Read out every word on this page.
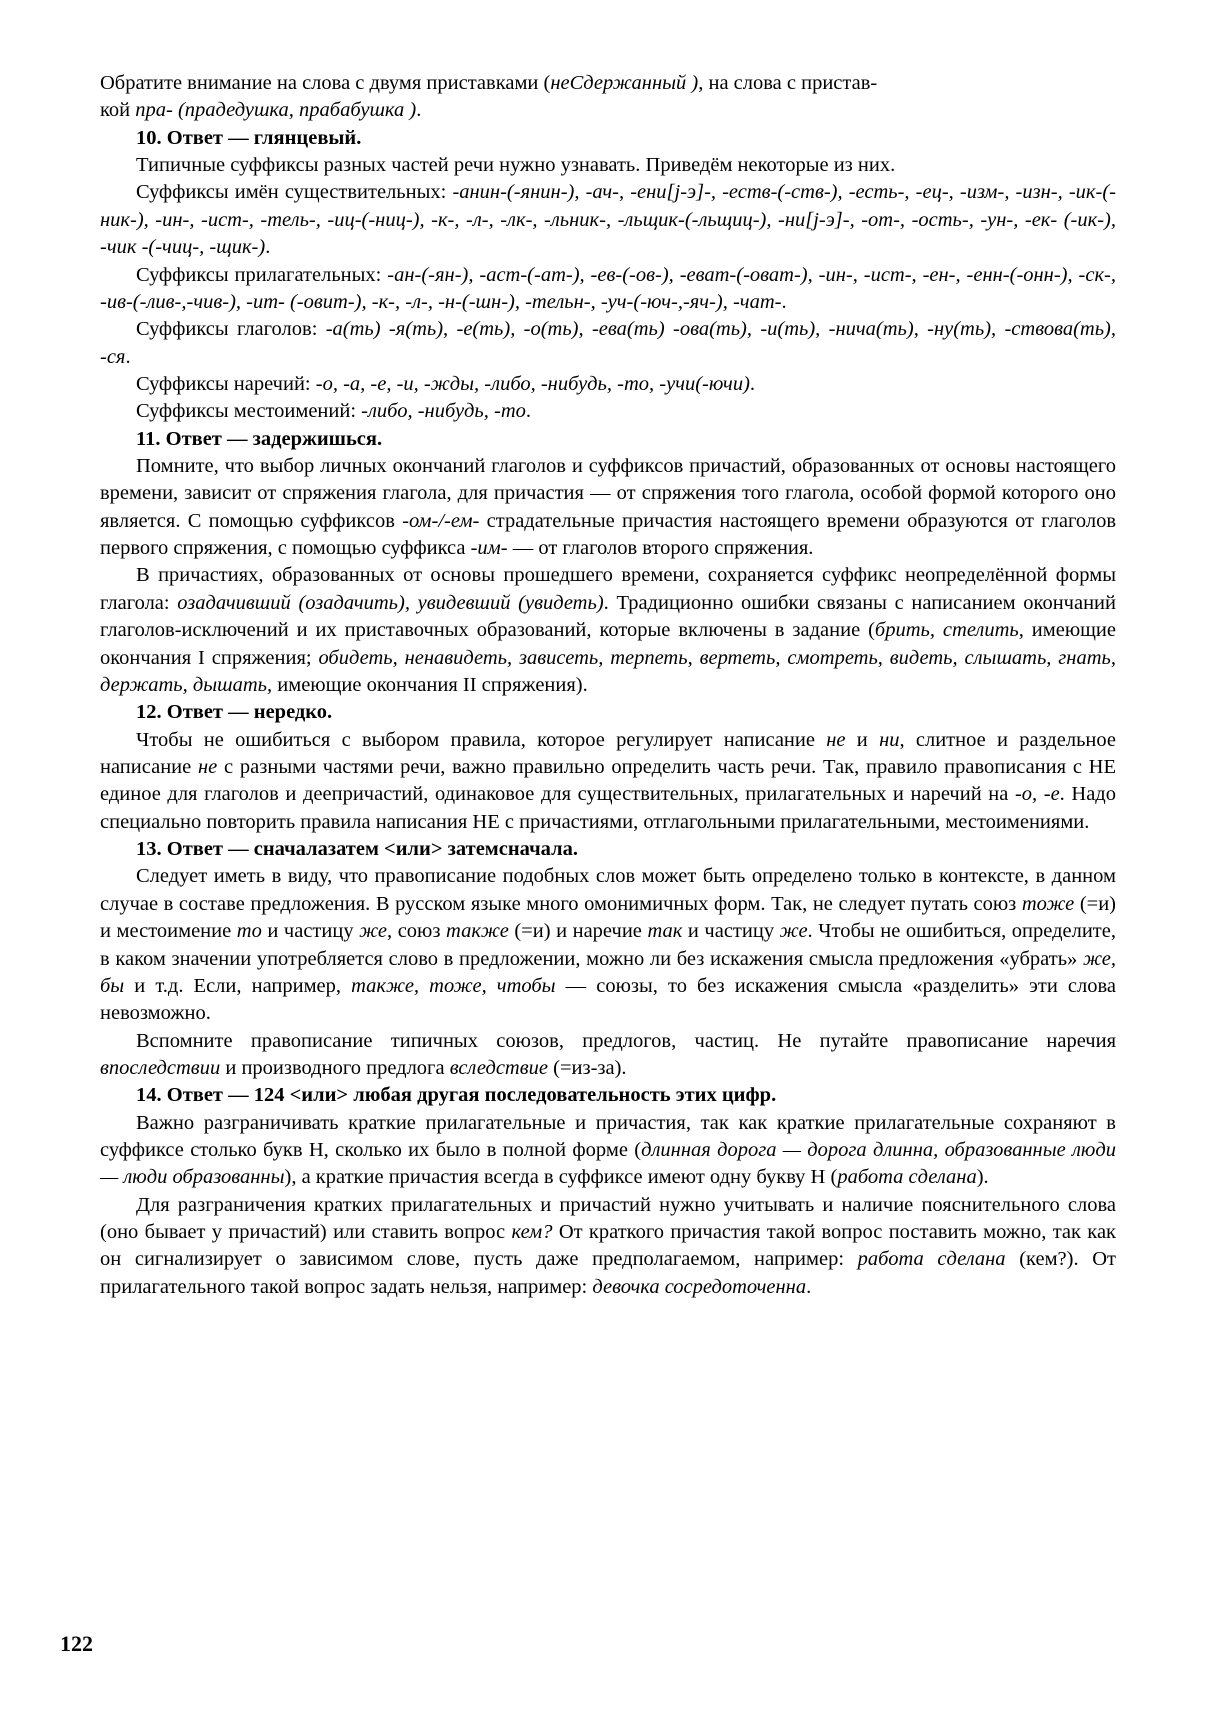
Обратите внимание на слова с двумя приставками (неСдержанный ), на слова с пристав-
кой пра- (прадедушка, прабабушка ).

10. Ответ — глянцевый.

Типичные суффиксы разных частей речи нужно узнавать. Приведём некоторые из них.

Суффиксы имён существительных: -анин-(-янин-), -ач-, -ени[j-э]-, -еств-(-ств-), -есть-, -ец-, -изм-, -изн-, -ик-(-ник-), -ин-, -ист-, -тель-, -иц-(-ниц-), -к-, -л-, -лк-, -льник-, -льщик-(-льщиц-), -ни[j-э]-, -от-, -ость-, -ун-, -ек- (-ик-), -чик -(-чиц-, -щик-).

Суффиксы прилагательных: -ан-(-ян-), -аст-(-ат-), -ев-(-ов-), -еват-(-оват-), -ин-, -ист-, -ен-, -енн-(-онн-), -ск-, -ив-(-лив-,-чив-), -ит- (-овит-), -к-, -л-, -н-(-шн-), -тельн-, -уч-(-юч-,-яч-), -чат-.

Суффиксы глаголов: -а(ть) -я(ть), -е(ть), -о(ть), -ева(ть) -ова(ть), -и(ть), -нича(ть), -ну(ть), -ствова(ть), -ся.

Суффиксы наречий: -о, -а, -е, -и, -жды, -либо, -нибудь, -то, -учи(-ючи).

Суффиксы местоимений: -либо, -нибудь, -то.

11. Ответ — задержишься.

Помните, что выбор личных окончаний глаголов и суффиксов причастий, образованных от основы настоящего времени, зависит от спряжения глагола, для причастия — от спряжения того глагола, особой формой которого оно является. С помощью суффиксов -ом-/-ем- страдательные причастия настоящего времени образуются от глаголов первого спряжения, с помощью суффикса -им- — от глаголов второго спряжения.

В причастиях, образованных от основы прошедшего времени, сохраняется суффикс неопределённой формы глагола: озадачивший (озадачить), увидевший (увидеть). Традиционно ошибки связаны с написанием окончаний глаголов-исключений и их приставочных образований, которые включены в задание (брить, стелить, имеющие окончания I спряжения; обидеть, ненавидеть, зависеть, терпеть, вертеть, смотреть, видеть, слышать, гнать, держать, дышать, имеющие окончания II спряжения).

12. Ответ — нередко.

Чтобы не ошибиться с выбором правила, которое регулирует написание не и ни, слитное и раздельное написание не с разными частями речи, важно правильно определить часть речи. Так, правило правописания с НЕ единое для глаголов и деепричастий, одинаковое для существительных, прилагательных и наречий на -о, -е. Надо специально повторить правила написания НЕ с причастиями, отглагольными прилагательными, местоимениями.

13. Ответ — сначалазатем <или> затемсначала.

Следует иметь в виду, что правописание подобных слов может быть определено только в контексте, в данном случае в составе предложения. В русском языке много омонимичных форм. Так, не следует путать союз тоже (=и) и местоимение то и частицу же, союз также (=и) и наречие так и частицу же. Чтобы не ошибиться, определите, в каком значении употребляется слово в предложении, можно ли без искажения смысла предложения «убрать» же, бы и т.д. Если, например, также, тоже, чтобы — союзы, то без искажения смысла «разделить» эти слова невозможно.

Вспомните правописание типичных союзов, предлогов, частиц. Не путайте правописание наречия впоследствии и производного предлога вследствие (=из-за).

14. Ответ — 124 <или> любая другая последовательность этих цифр.

Важно разграничивать краткие прилагательные и причастия, так как краткие прилагательные сохраняют в суффиксе столько букв Н, сколько их было в полной форме (длинная дорога — дорога длинна, образованные люди — люди образованны), а краткие причастия всегда в суффиксе имеют одну букву Н (работа сделана).

Для разграничения кратких прилагательных и причастий нужно учитывать и наличие пояснительного слова (оно бывает у причастий) или ставить вопрос кем? От краткого причастия такой вопрос поставить можно, так как он сигнализирует о зависимом слове, пусть даже предполагаемом, например: работа сделана (кем?). От прилагательного такой вопрос задать нельзя, например: девочка сосредоточенна.

122
